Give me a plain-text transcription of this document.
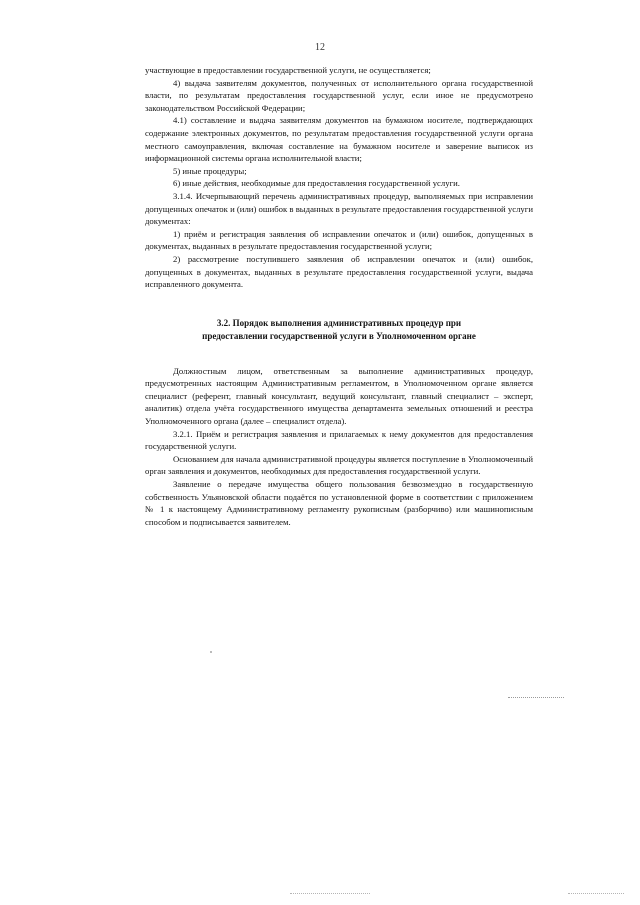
12

участвующие в предоставлении государственной услуги, не осуществляется;

4) выдача заявителям документов, полученных от исполнительного органа государственной власти, по результатам предоставления государственной услуг, если иное не предусмотрено законодательством Российской Федерации;

4.1) составление и выдача заявителям документов на бумажном носителе, подтверждающих содержание электронных документов, по результатам предоставления государственной услуги органа местного самоуправления, включая составление на бумажном носителе и заверение выписок из информационной системы органа исполнительной власти;

5) иные процедуры;

6) иные действия, необходимые для предоставления государственной услуги.

3.1.4. Исчерпывающий перечень административных процедур, выполняемых при исправлении допущенных опечаток и (или) ошибок в выданных в результате предоставления государственной услуги документах:

1) приём и регистрация заявления об исправлении опечаток и (или) ошибок, допущенных в документах, выданных в результате предоставления государственной услуги;

2) рассмотрение поступившего заявления об исправлении опечаток и (или) ошибок, допущенных в документах, выданных в результате предоставления государственной услуги, выдача исправленного документа.

3.2. Порядок выполнения административных процедур при
предоставлении государственной услуги в Уполномоченном органе

Должностным лицом, ответственным за выполнение административных процедур, предусмотренных настоящим Административным регламентом, в Уполномоченном органе является специалист (референт, главный консультант, ведущий консультант, главный специалист – эксперт, аналитик) отдела учёта государственного имущества департамента земельных отношений и реестра Уполномоченного органа (далее – специалист отдела).

3.2.1. Приём и регистрация заявления и прилагаемых к нему документов для предоставления государственной услуги.

Основанием для начала административной процедуры является поступление в Уполномоченный орган заявления и документов, необходимых для предоставления государственной услуги.

Заявление о передаче имущества общего пользования безвозмездно в государственную собственность Ульяновской области подаётся по установленной форме в соответствии с приложением № 1 к настоящему Административному регламенту рукописным (разборчиво) или машинописным способом и подписывается заявителем.
